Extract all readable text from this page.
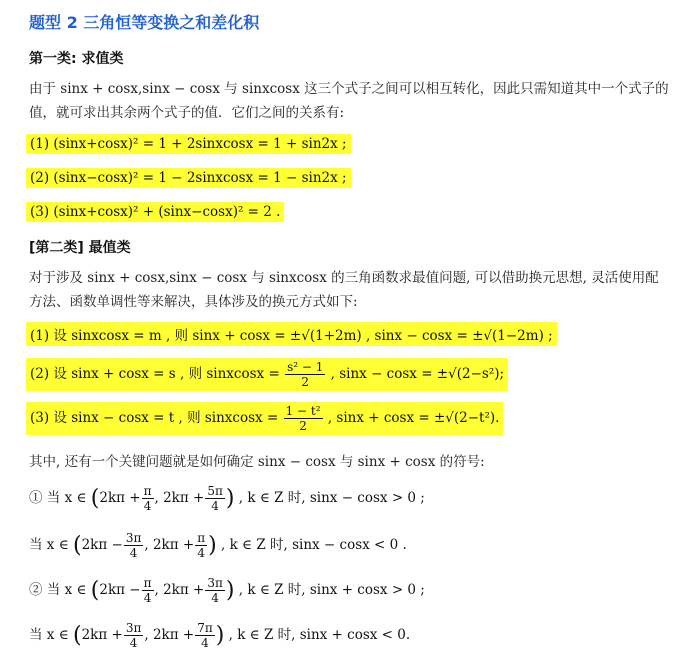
题型 2 三角恒等变换之和差化积
第一类: 求值类
由于 sinx + cosx,sinx − cosx 与 sinxcosx 这三个式子之间可以相互转化，因此只需知道其中一个式子的值，就可求出其余两个式子的值．它们之间的关系有:
(1) (sinx+cosx)² = 1 + 2sinxcosx = 1 + sin2x ;
(2) (sinx−cosx)² = 1 − 2sinxcosx = 1 − sin2x ;
(3) (sinx+cosx)² + (sinx−cosx)² = 2 .
[第二类] 最值类
对于涉及 sinx + cosx,sinx − cosx 与 sinxcosx 的三角函数求最值问题, 可以借助换元思想, 灵活使用配方法、函数单调性等来解决，具体涉及的换元方式如下:
(1) 设 sinxcosx = m , 则 sinx + cosx = ±√(1+2m) , sinx − cosx = ±√(1−2m) ;
(2) 设 sinx + cosx = s , 则 sinxcosx = $\frac{\text{s² − 1}}{2}$ , sinx − cosx = ±√(2−s²);
(3) 设 sinx − cosx = t , 则 sinxcosx = $\frac{\text{1 − t²}}{2}$ , sinx + cosx = ±√(2−t²).
其中, 还有一个关键问题就是如何确定 sinx − cosx 与 sinx + cosx 的符号:
① 当 x ∈ ($2k\pi + \frac{\pi}{4}$ , $2k\pi + \frac{5\pi}{4}$ ) , k ∈ Z 时, sinx − cosx > 0 ;
当 x ∈ ($2k\pi - \frac{3\pi}{4}$ , $2k\pi + \frac{\pi}{4}$ ) , k ∈ Z 时, sinx − cosx < 0 .
② 当 x ∈ ($2k\pi - \frac{\pi}{4}$ , $2k\pi + \frac{3\pi}{4}$ ) , k ∈ Z 时, sinx + cosx > 0 ;
当 x ∈ ($2k\pi + \frac{3\pi}{4}$ , $2k\pi + \frac{7\pi}{4}$ ) , k ∈ Z 时, sinx + cosx < 0.
